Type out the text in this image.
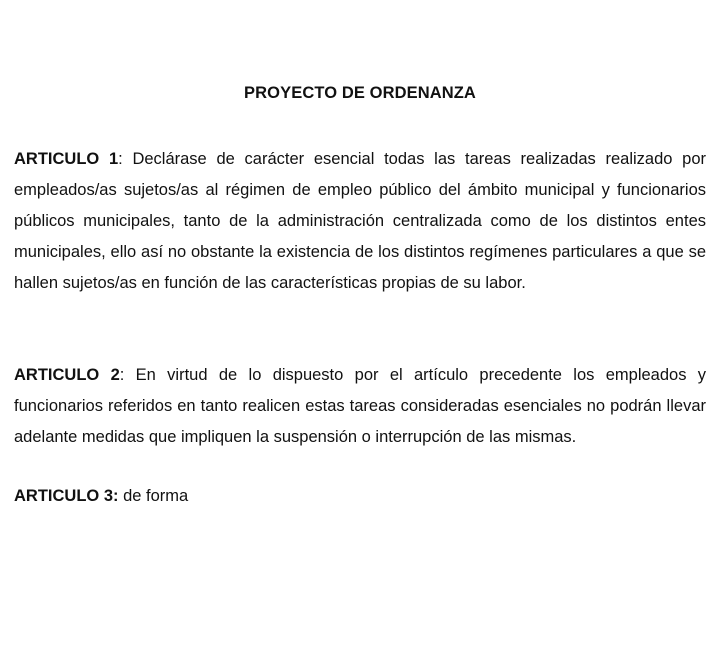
PROYECTO DE ORDENANZA

ARTICULO 1: Declárase de carácter esencial todas las tareas realizadas realizado por empleados/as sujetos/as al régimen de empleo público del ámbito municipal y funcionarios públicos municipales, tanto de la administración centralizada como de los distintos entes municipales, ello así no obstante la existencia de los distintos regímenes particulares a que se hallen sujetos/as en función de las características propias de su labor.

ARTICULO 2: En virtud de lo dispuesto por el artículo precedente los empleados y funcionarios referidos en tanto realicen estas tareas consideradas esenciales no podrán llevar adelante medidas que impliquen la suspensión o interrupción de las mismas.

ARTICULO 3: de forma
